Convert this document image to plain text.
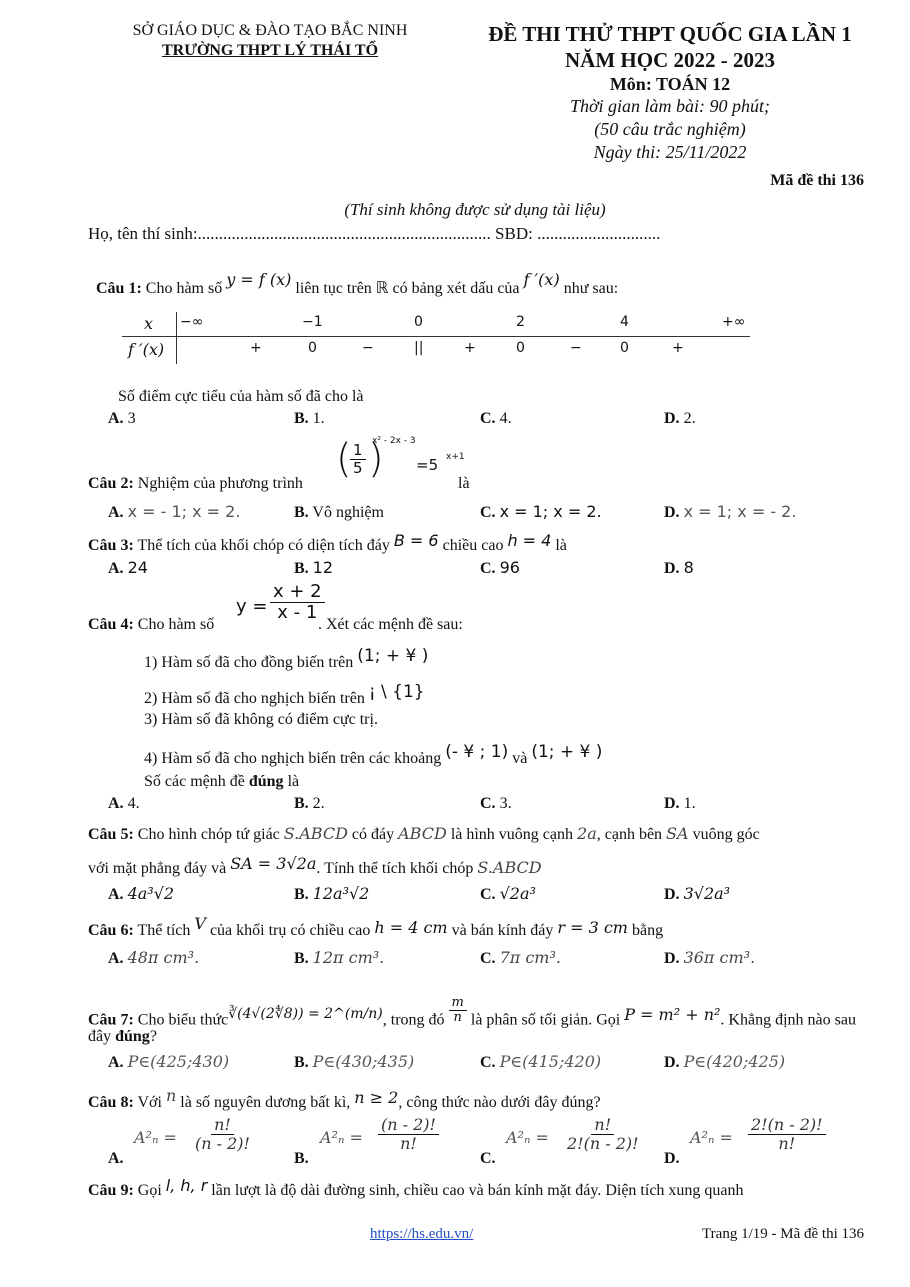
SỞ GIÁO DỤC & ĐÀO TẠO BẮC NINH
TRƯỜNG THPT LÝ THÁI TỔ
ĐỀ THI THỬ THPT QUỐC GIA LẦN 1
NĂM HỌC 2022 - 2023
Môn: TOÁN 12
Thời gian làm bài: 90 phút;
(50 câu trắc nghiệm)
Ngày thi: 25/11/2022
Mã đề thi 136
(Thí sinh không được sử dụng tài liệu)
Họ, tên thí sinh:..................................................................... SBD: .............................
Câu 1: Cho hàm số y = f (x) liên tục trên ℝ có bảng xét dấu của f ′(x) như sau:
x −∞	−1	0	2	4	+∞
f ′(x)	+	0	−	||	+	0	−	0	+
Số điểm cực tiểu của hàm số đã cho là
A. 3	B. 1.	C. 4.	D. 2.
Câu 2: Nghiệm của phương trình
(
$\frac{1}{5}$ )
x² - 2x - 3
=5 x+1
là
A. x = - 1; x = 2.	B. Vô nghiệm	C. x = 1; x = 2.	D. x = 1; x = - 2.
Câu 3: Thể tích của khối chóp có diện tích đáy B = 6 chiều cao h = 4 là
A. 24	B. 12	C. 96	D. 8
Câu 4: Cho hàm số
$y = \frac{x + 2}{x - 1}$
. Xét các mệnh đề sau:
1) Hàm số đã cho đồng biến trên (1; + ¥ )
2) Hàm số đã cho nghịch biến trên ¡ \ {1}
3) Hàm số đã không có điểm cực trị.
4) Hàm số đã cho nghịch biến trên các khoảng (- ¥ ; 1) và (1; + ¥ )
Số các mệnh đề đúng là
A. 4.	B. 2.	C. 3.	D. 1.
Câu 5: Cho hình chóp tứ giác S.ABCD có đáy ABCD là hình vuông cạnh 2a, cạnh bên SA vuông góc
với mặt phẳng đáy và SA = 3√2a. Tính thể tích khối chóp S.ABCD
A. 4a³√2	B. 12a³√2	C. √2a³	D. 3√2a³
Câu 6: Thể tích V của khối trụ có chiều cao h = 4 cm và bán kính đáy r = 3 cm bằng
A. 48π cm³.	B. 12π cm³.	C. 7π cm³.	D. 36π cm³.
Câu 7: Cho biểu thức∛(4√(2∜8)) = 2^(m/n), trong đó $\frac{m}{n}$ là phân số tối giản. Gọi P = m² + n². Khẳng định nào sau
đây đúng?
A. P∈(425;430)	B. P∈(430;435)	C. P∈(415;420)	D. P∈(420;425)
Câu 8: Với n là số nguyên dương bất kì, n ≥ 2, công thức nào dưới đây đúng?
A.
$A^2_n = \frac{n!}{(n - 2)!}$
B.
$A^2_n = \frac{(n - 2)!}{n!}$
C.
$A^2_n = \frac{n!}{2!(n - 2)!}$
D.
$A^2_n = \frac{2!(n - 2)!}{n!}$
Câu 9: Gọi l, h, r lần lượt là độ dài đường sinh, chiều cao và bán kính mặt đáy. Diện tích xung quanh
https://hs.edu.vn/	Trang 1/19 - Mã đề thi 136
